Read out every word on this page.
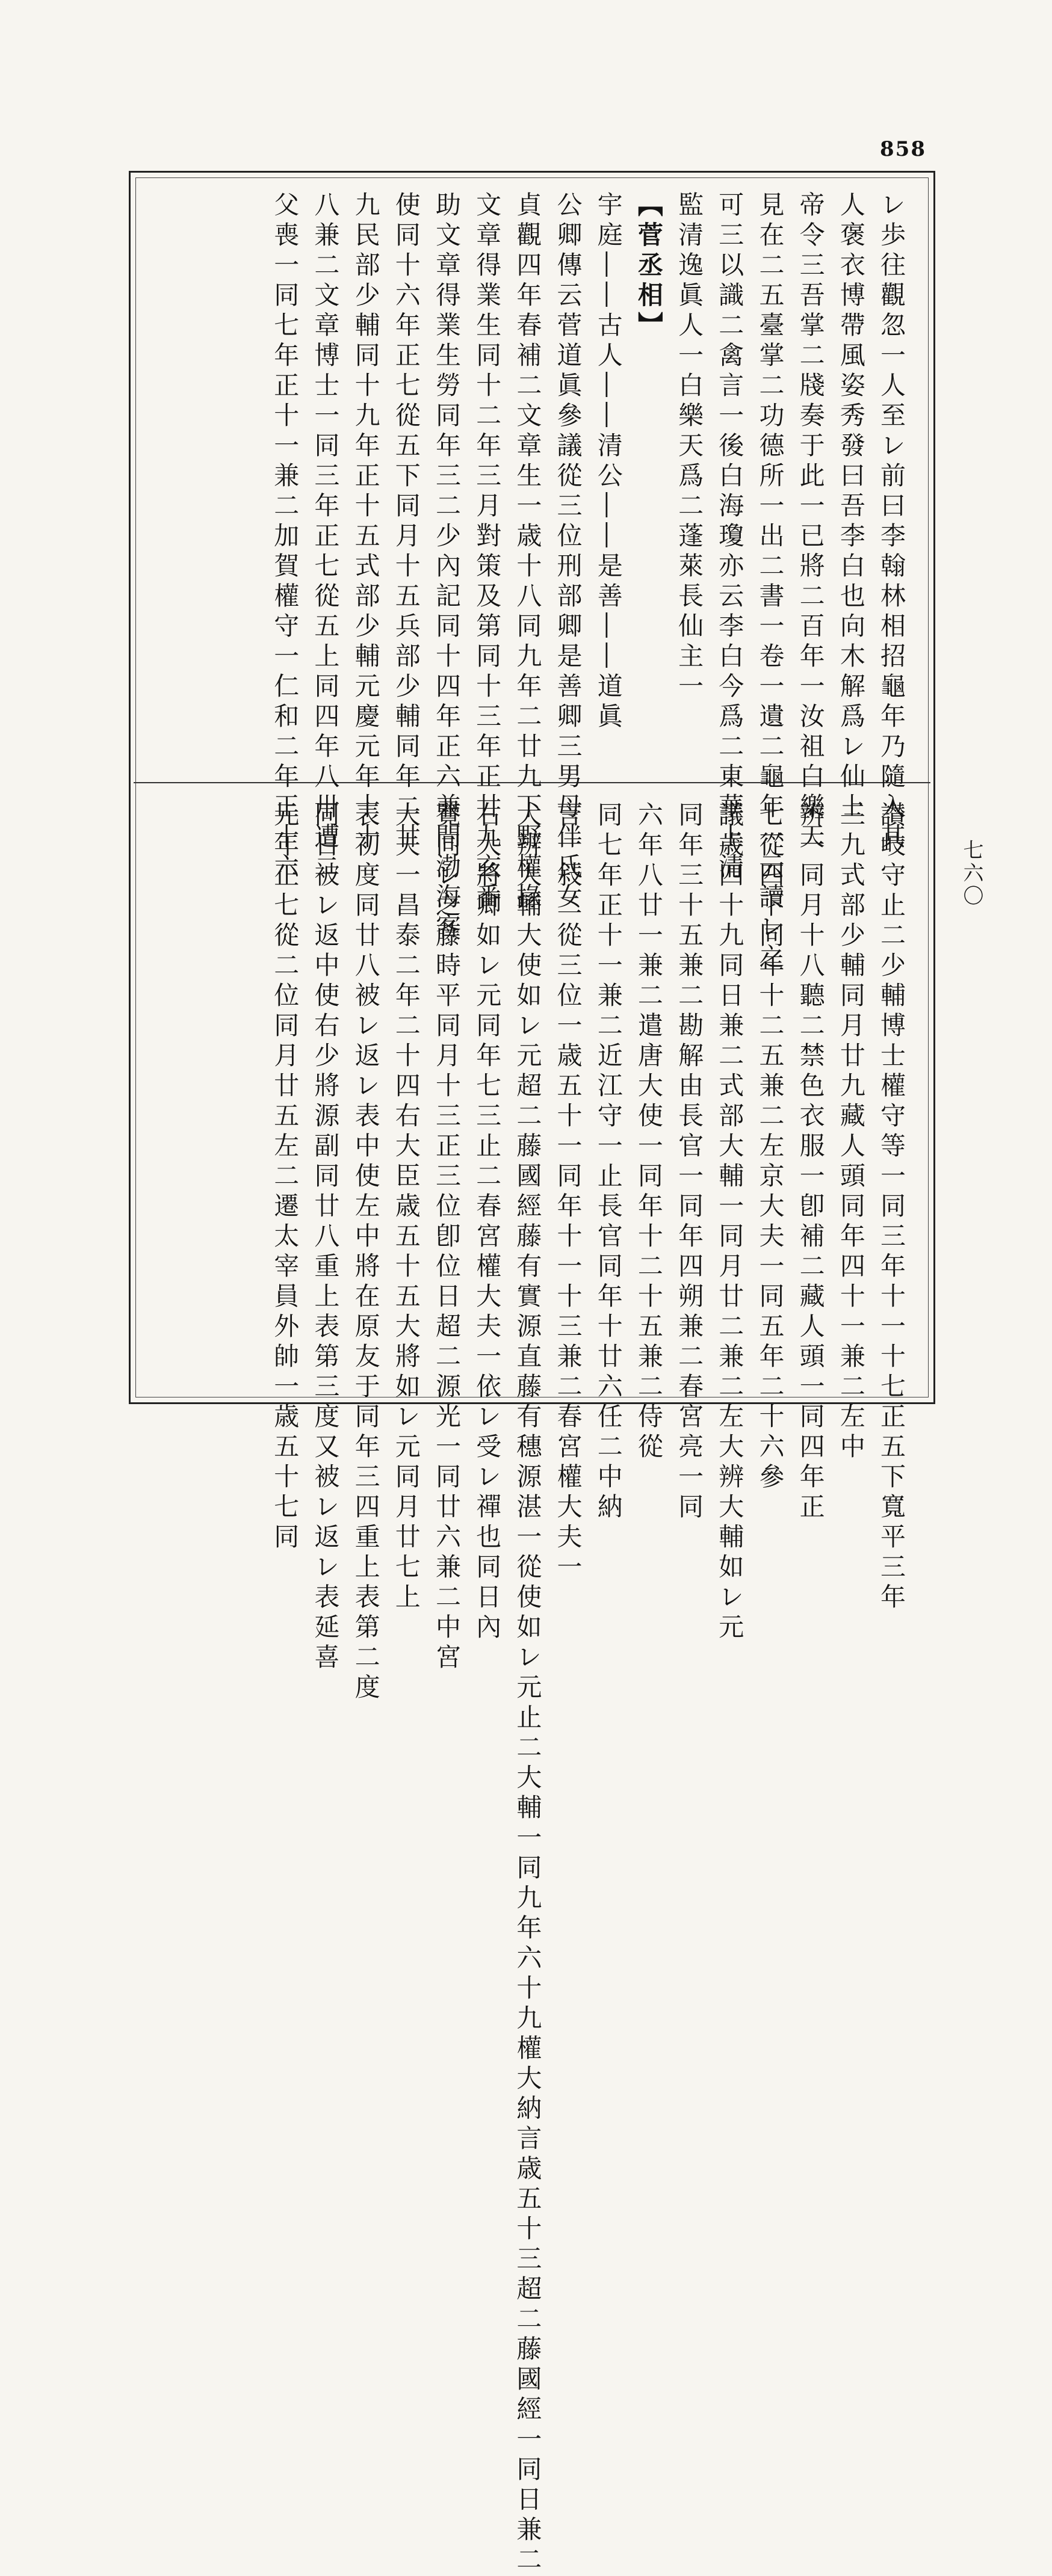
858
七六〇
レ歩往觀忽一人至レ前曰李翰林相招龜年乃隨入其
人褒衣博帶風姿秀發曰吾李白也向木解爲レ仙上
帝令三吾掌二牋奏于此一已將二百年一汝祖白樂天
見在二五臺掌二功德所一出二書一卷一遺二龜年一云讀レ之
可三以識二禽言一後白海瓊亦云李白今爲二東華上清
監清逸眞人一白樂天爲二蓬萊長仙主一
【菅丞相】
宇庭――古人――清公――是善――道眞
公卿傳云菅道眞參議從三位刑部卿是善卿三男母伴氏女
貞觀四年春補二文章生一歳十八同九年二廿九下野權掾
文章得業生同十二年三月對策及第同十三年正廿九玄番
助文章得業生勞同年三二少內記同十四年正六兼問渤海客
使同十六年正七從五下同月十五兵部少輔同年二廿
九民部少輔同十九年正十五式部少輔元慶元年十十
八兼二文章博士一同三年正七從五上同四年八卅遭二
父喪一同七年正十一兼二加賀權守一仁和二年正十六
讃岐守止二少輔博士權守等一同三年十一十七正五下寬平三年
三九式部少輔同月廿九藏人頭同年四十一兼二左中
辨一同月十八聽二禁色衣服一卽補二藏人頭一同四年正
七從四下同年十二五兼二左京大夫一同五年二十六參
議歳四十九同日兼二式部大輔一同月廿二兼二左大辨大輔如レ元
同年三十五兼二勘解由長官一同年四朔兼二春宮亮一同
六年八廿一兼二遣唐大使一同年十二十五兼二侍從
同七年正十一兼二近江守一止長官同年十廿六任二中納
言一敍二從三位一歳五十一同年十一十三兼二春宮權大夫一
大辨大輔大使如レ元超二藤國經藤有實源直藤有穗源湛一從使如レ元止二大輔一同九年六十九權大納言歳五十三超二藤國經一同日兼二
右大將卿如レ元同年七三止二春宮權大夫一依レ受レ禪也同日內
覽同レ之藤時平同月十三正三位卽位日超二源光一同廿六兼二中宮
大夫一昌泰二年二十四右大臣歳五十五大將如レ元同月廿七上
表初度同廿八被レ返レ表中使左中將在原友于同年三四重上表第二度
同日被レ返中使右少將源副同廿八重上表第三度又被レ返レ表延喜
元年正七從二位同月廿五左二遷太宰員外帥一歳五十七同
